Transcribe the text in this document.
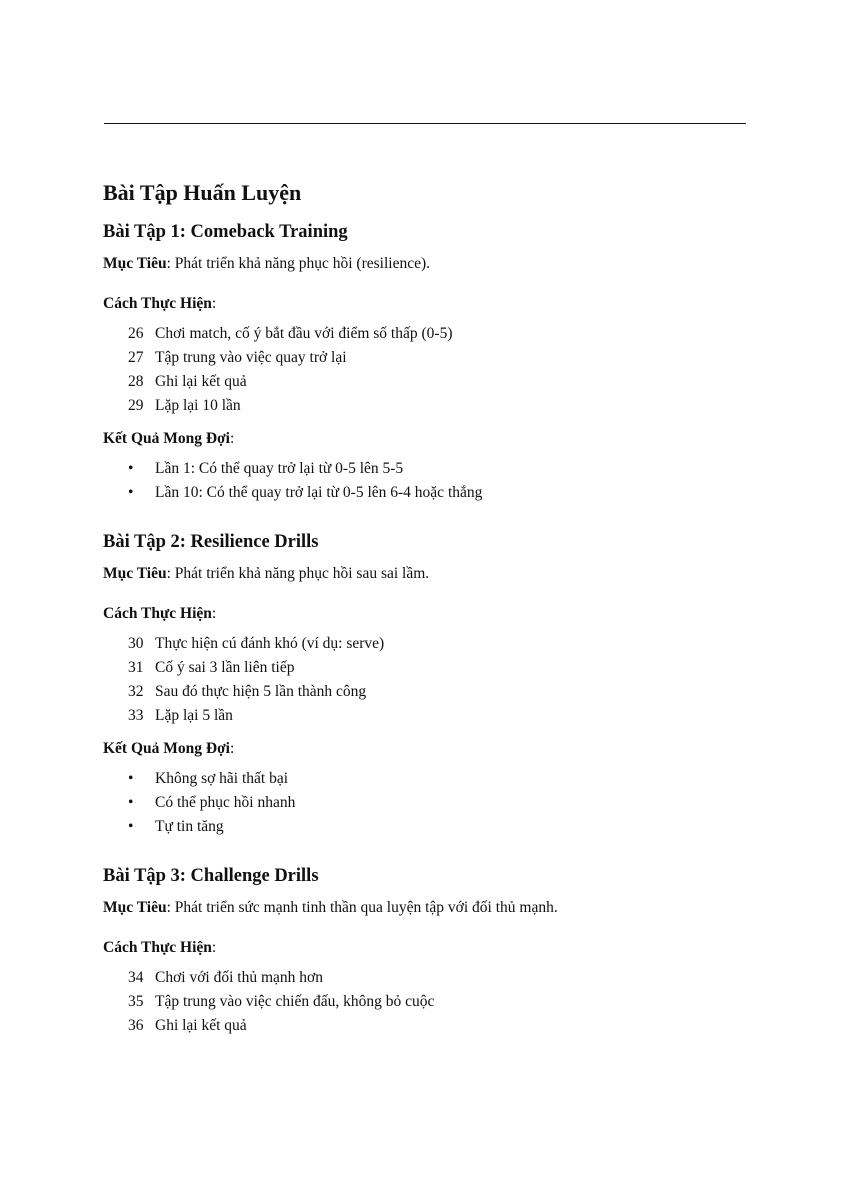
Bài Tập Huấn Luyện
Bài Tập 1: Comeback Training

Mục Tiêu: Phát triển khả năng phục hồi (resilience).

Cách Thực Hiện:

26 Chơi match, cố ý bắt đầu với điểm số thấp (0-5)
27 Tập trung vào việc quay trở lại
28 Ghi lại kết quả
29 Lặp lại 10 lần

Kết Quả Mong Đợi:

• Lần 1: Có thể quay trở lại từ 0-5 lên 5-5
• Lần 10: Có thể quay trở lại từ 0-5 lên 6-4 hoặc thắng
Bài Tập 2: Resilience Drills

Mục Tiêu: Phát triển khả năng phục hồi sau sai lầm.

Cách Thực Hiện:

30 Thực hiện cú đánh khó (ví dụ: serve)
31 Cố ý sai 3 lần liên tiếp
32 Sau đó thực hiện 5 lần thành công
33 Lặp lại 5 lần

Kết Quả Mong Đợi:

• Không sợ hãi thất bại
• Có thể phục hồi nhanh
• Tự tin tăng
Bài Tập 3: Challenge Drills

Mục Tiêu: Phát triển sức mạnh tinh thần qua luyện tập với đối thủ mạnh.

Cách Thực Hiện:

34 Chơi với đối thủ mạnh hơn
35 Tập trung vào việc chiến đấu, không bỏ cuộc
36 Ghi lại kết quả
